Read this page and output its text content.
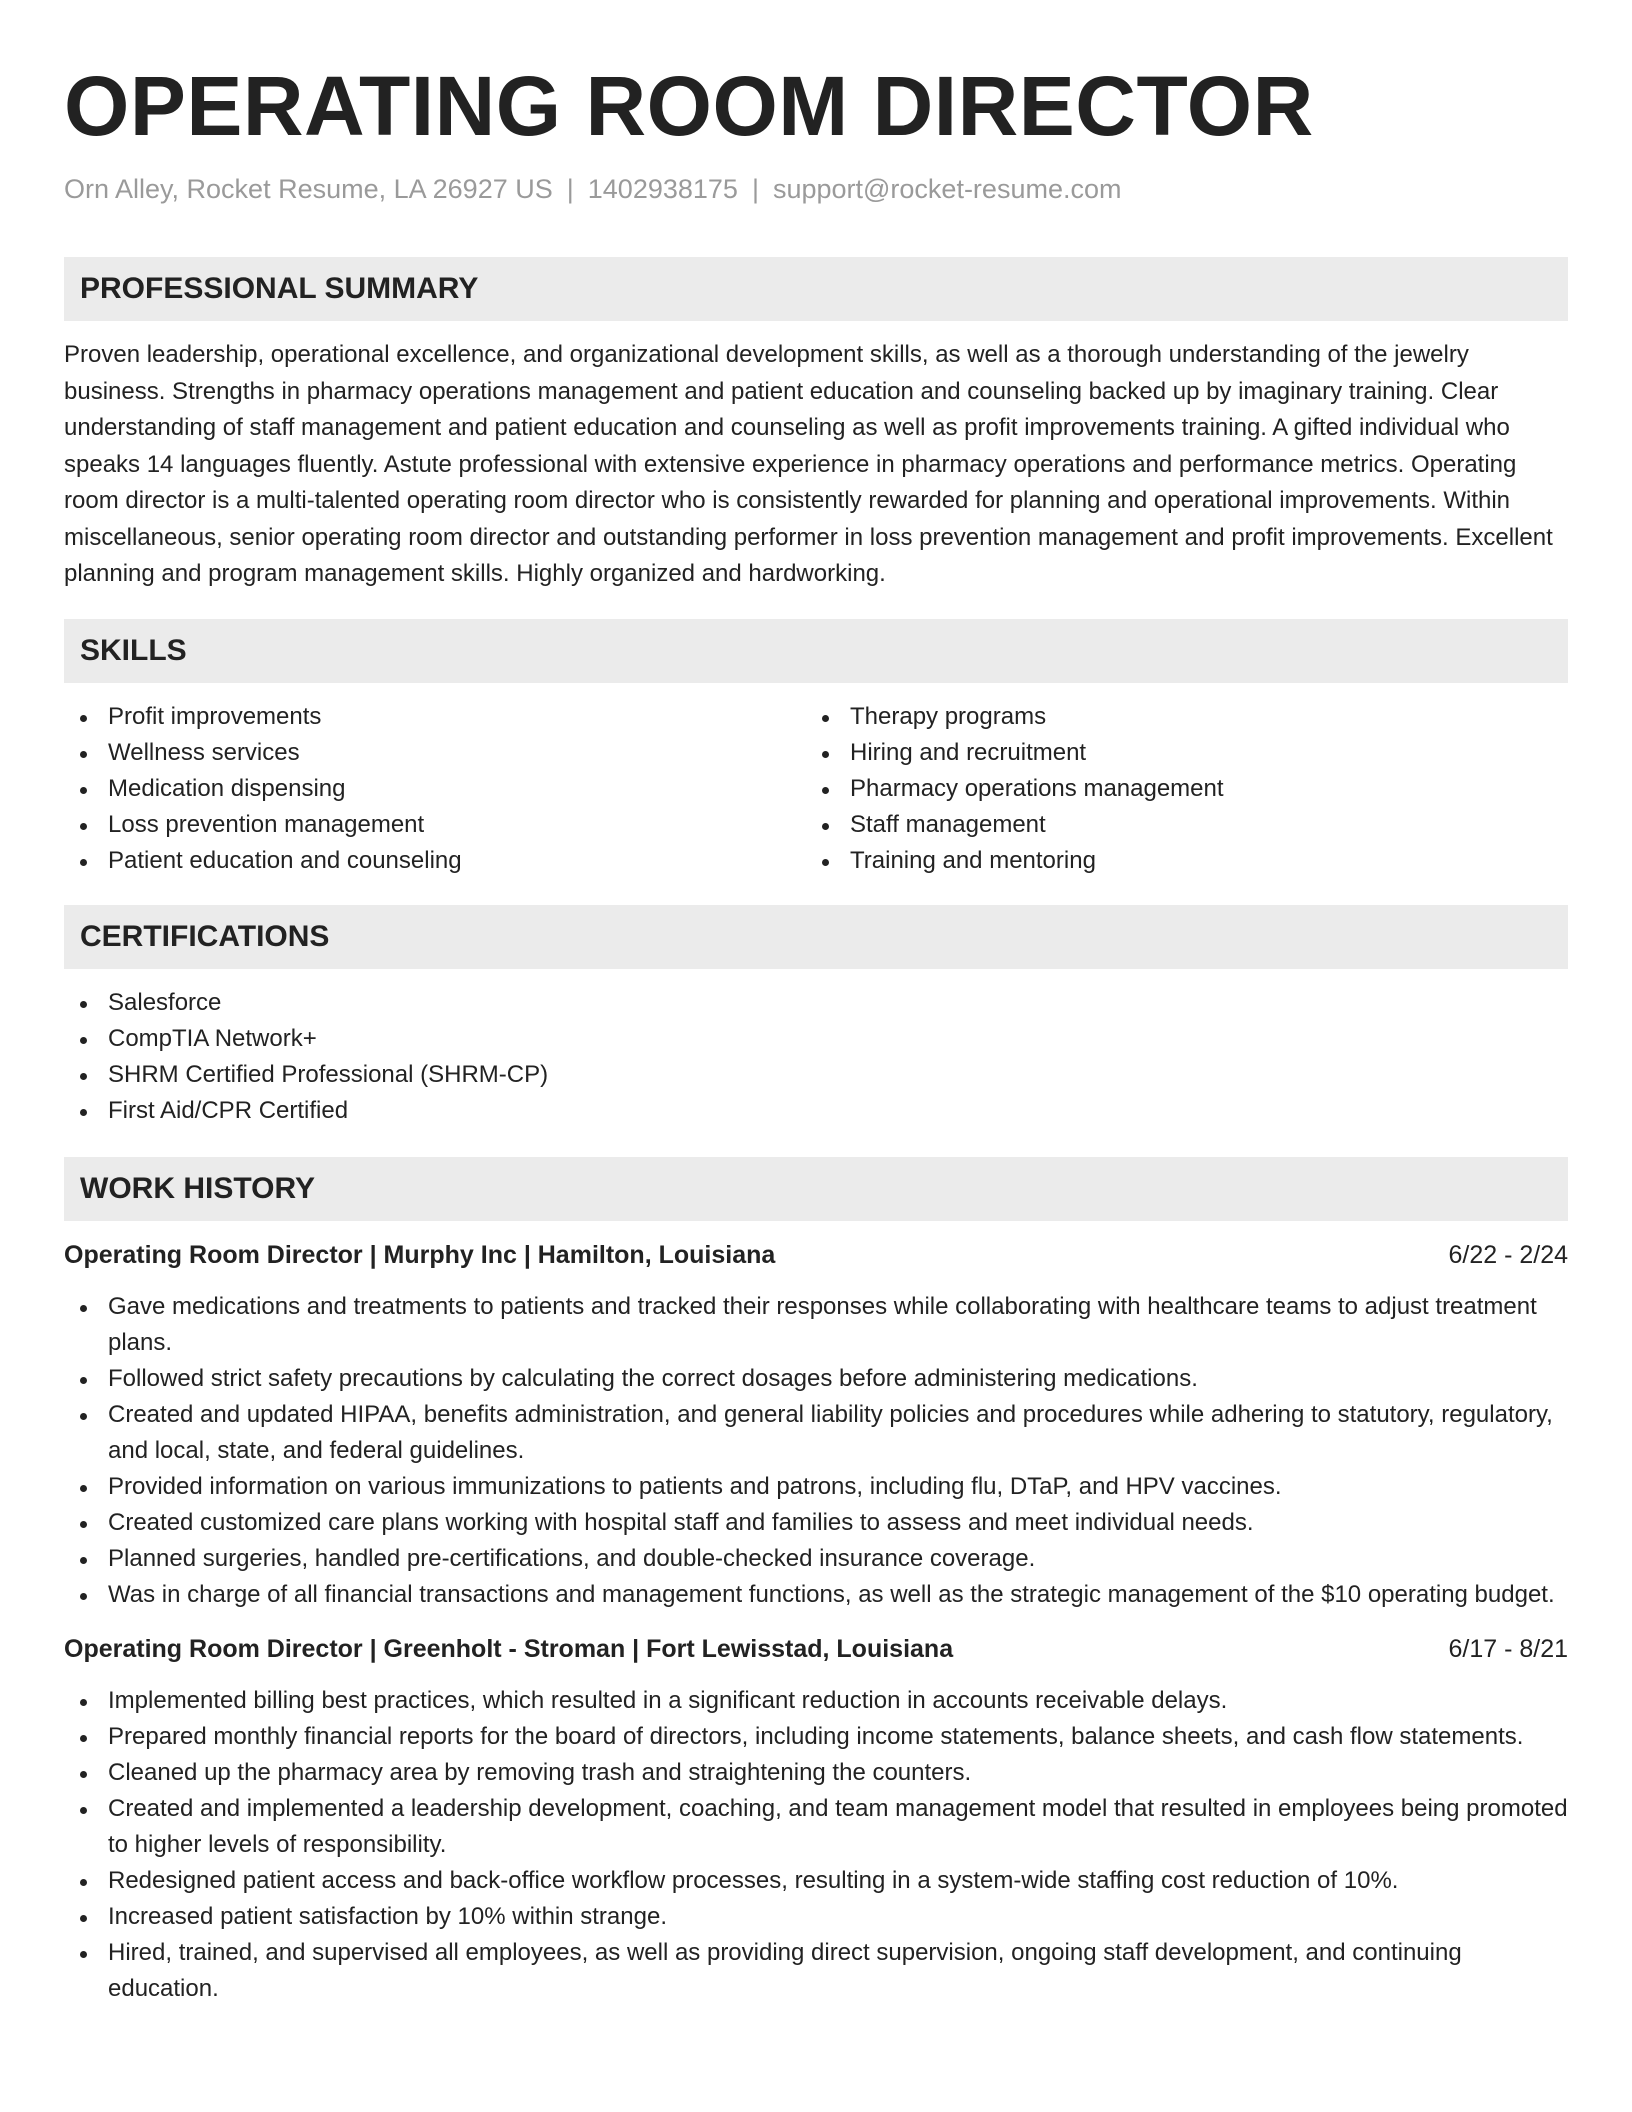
OPERATING ROOM DIRECTOR
Orn Alley, Rocket Resume, LA 26927 US | 1402938175 | support@rocket-resume.com
PROFESSIONAL SUMMARY

Proven leadership, operational excellence, and organizational development skills, as well as a thorough understanding of the jewelry business. Strengths in pharmacy operations management and patient education and counseling backed up by imaginary training. Clear understanding of staff management and patient education and counseling as well as profit improvements training. A gifted individual who speaks 14 languages fluently. Astute professional with extensive experience in pharmacy operations and performance metrics. Operating room director is a multi-talented operating room director who is consistently rewarded for planning and operational improvements. Within miscellaneous, senior operating room director and outstanding performer in loss prevention management and profit improvements. Excellent planning and program management skills. Highly organized and hardworking.

SKILLS
Profit improvements
Wellness services
Medication dispensing
Loss prevention management
Patient education and counseling
Therapy programs
Hiring and recruitment
Pharmacy operations management
Staff management
Training and mentoring
CERTIFICATIONS
Salesforce
CompTIA Network+
SHRM Certified Professional (SHRM-CP)
First Aid/CPR Certified
WORK HISTORY
Operating Room Director | Murphy Inc | Hamilton, Louisiana	6/22 - 2/24
Gave medications and treatments to patients and tracked their responses while collaborating with healthcare teams to adjust treatment plans.
Followed strict safety precautions by calculating the correct dosages before administering medications.
Created and updated HIPAA, benefits administration, and general liability policies and procedures while adhering to statutory, regulatory, and local, state, and federal guidelines.
Provided information on various immunizations to patients and patrons, including flu, DTaP, and HPV vaccines.
Created customized care plans working with hospital staff and families to assess and meet individual needs.
Planned surgeries, handled pre-certifications, and double-checked insurance coverage.
Was in charge of all financial transactions and management functions, as well as the strategic management of the $10 operating budget.
Operating Room Director | Greenholt - Stroman | Fort Lewisstad, Louisiana	6/17 - 8/21
Implemented billing best practices, which resulted in a significant reduction in accounts receivable delays.
Prepared monthly financial reports for the board of directors, including income statements, balance sheets, and cash flow statements.
Cleaned up the pharmacy area by removing trash and straightening the counters.
Created and implemented a leadership development, coaching, and team management model that resulted in employees being promoted to higher levels of responsibility.
Redesigned patient access and back-office workflow processes, resulting in a system-wide staffing cost reduction of 10%.
Increased patient satisfaction by 10% within strange.
Hired, trained, and supervised all employees, as well as providing direct supervision, ongoing staff development, and continuing education.
